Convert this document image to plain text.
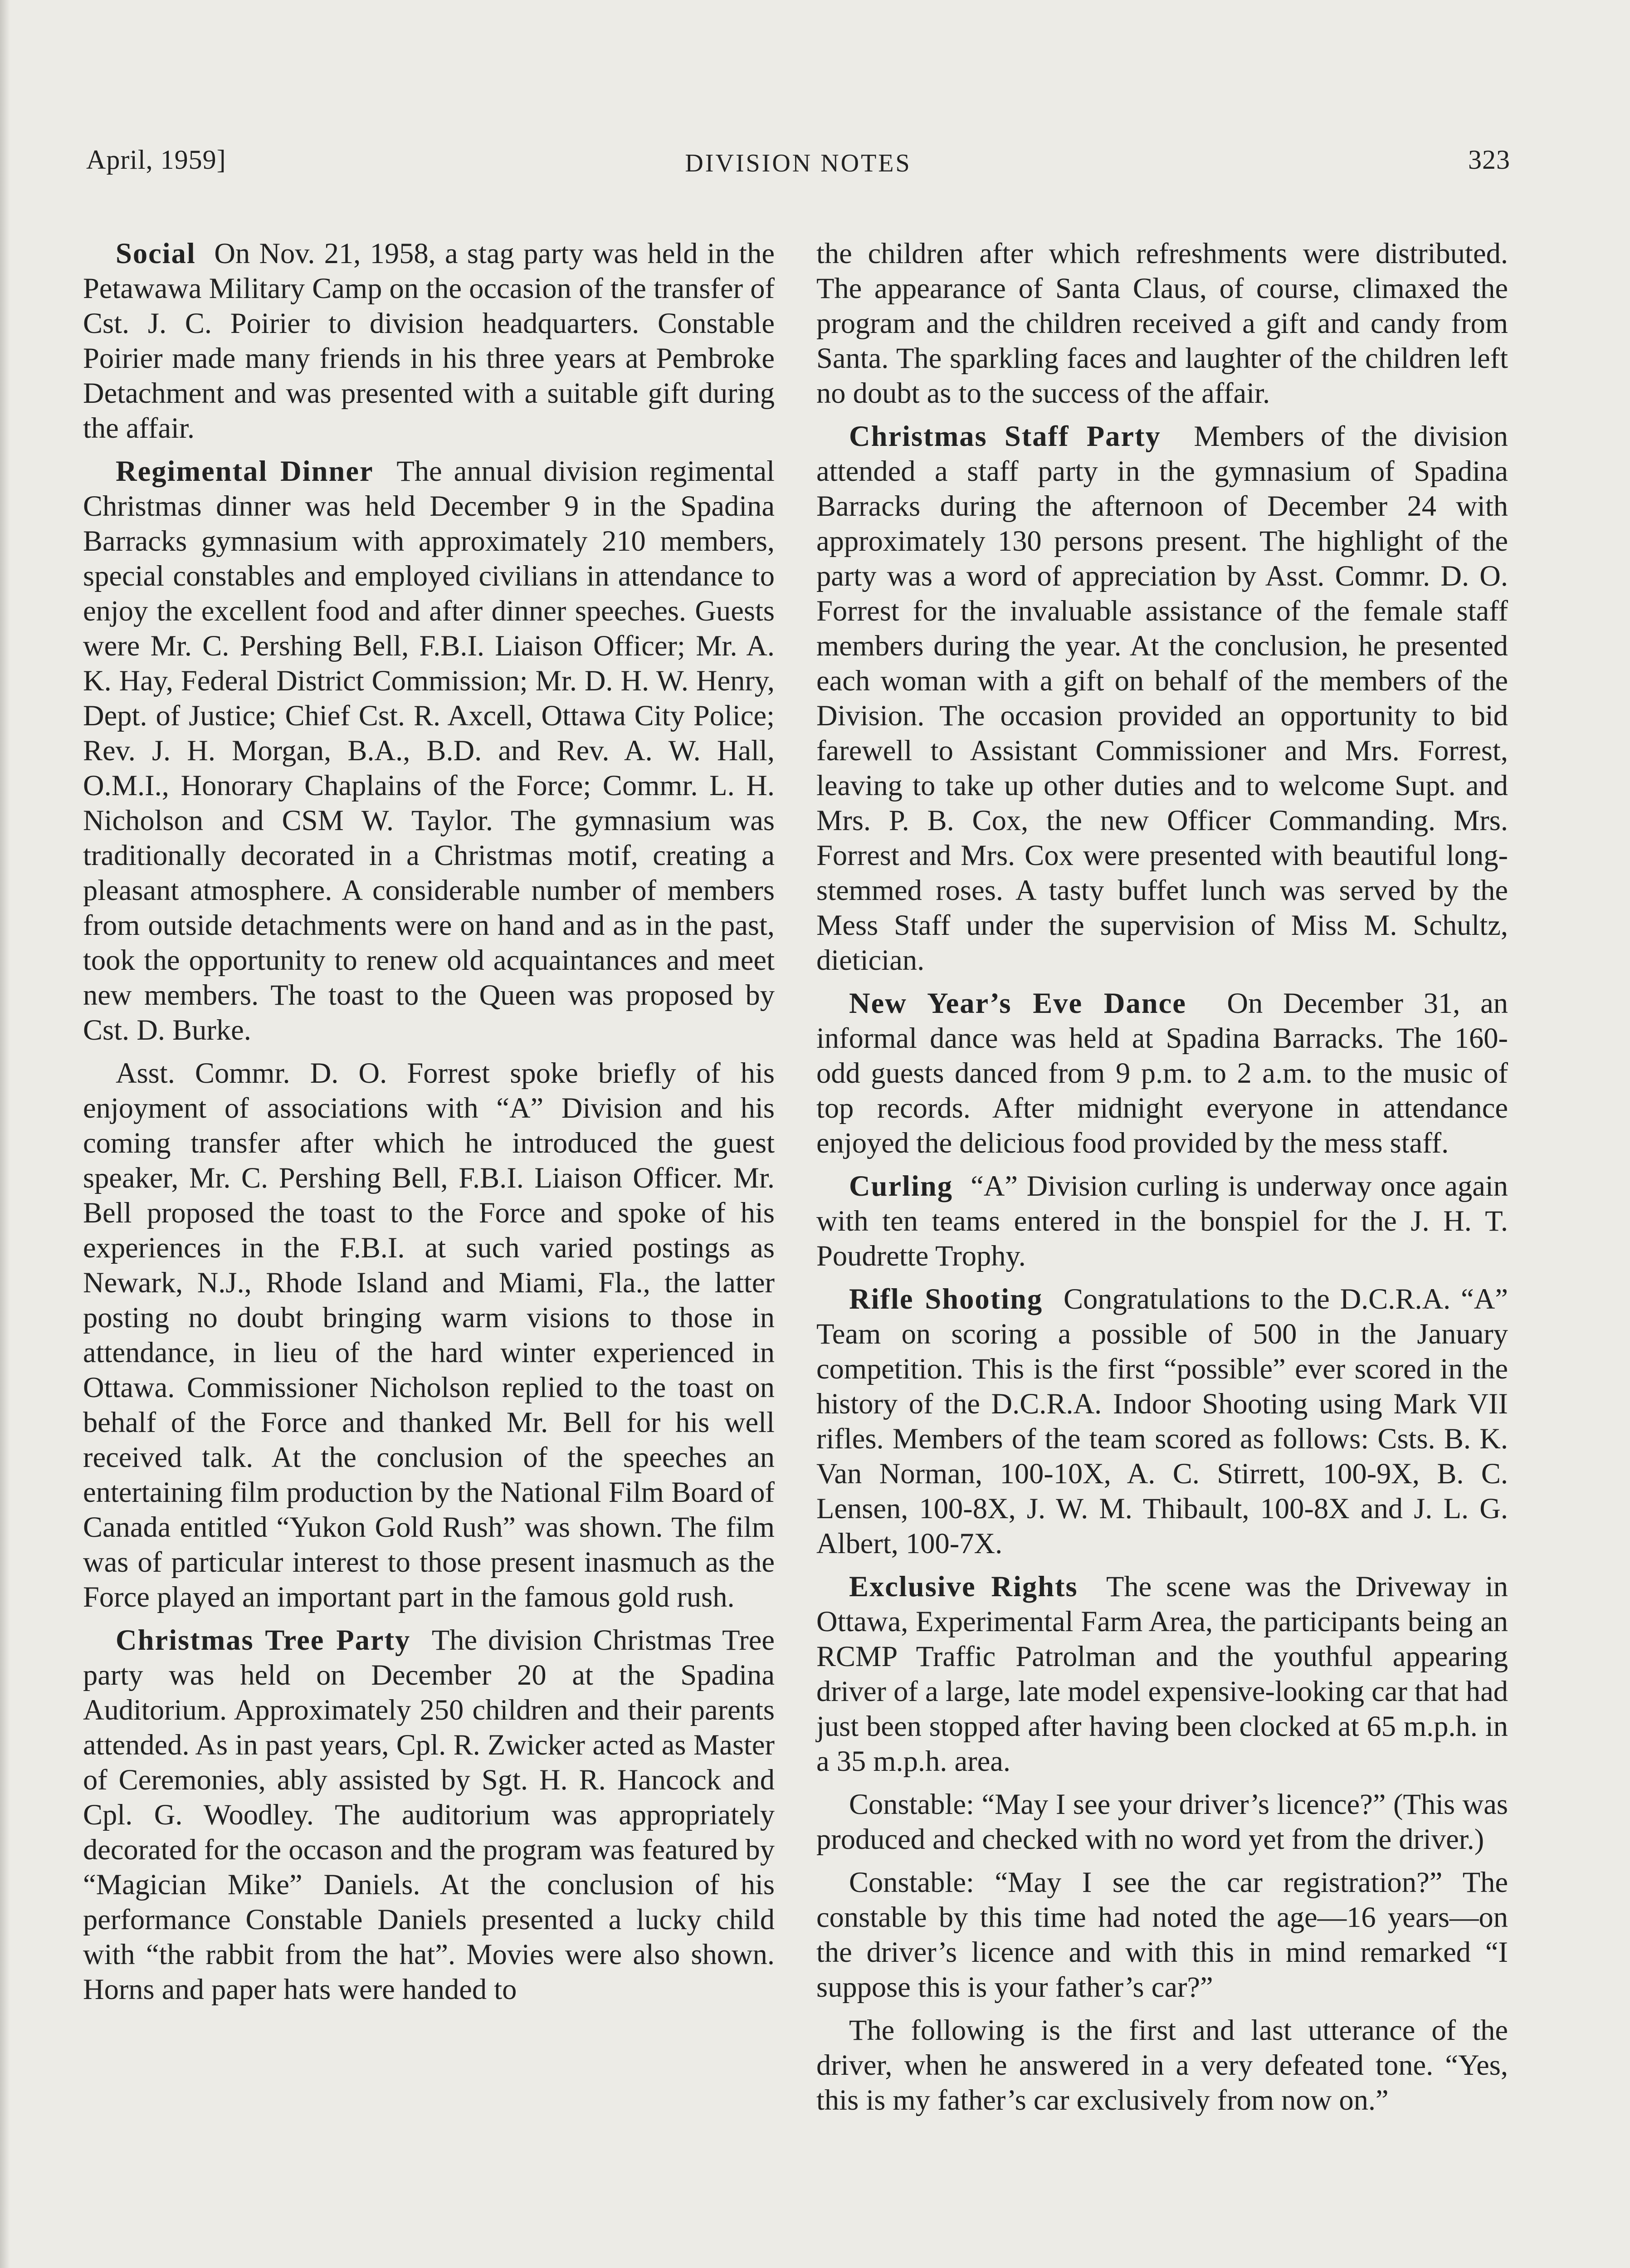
April, 1959]	DIVISION NOTES	323

Social On Nov. 21, 1958, a stag party was held in the Petawawa Military Camp on the occasion of the transfer of Cst. J. C. Poirier to division headquarters. Constable Poirier made many friends in his three years at Pembroke Detachment and was presented with a suitable gift during the affair.

Regimental Dinner The annual division regimental Christmas dinner was held December 9 in the Spadina Barracks gymnasium with approximately 210 members, special constables and employed civilians in attendance to enjoy the excellent food and after dinner speeches. Guests were Mr. C. Pershing Bell, F.B.I. Liaison Officer; Mr. A. K. Hay, Federal District Commission; Mr. D. H. W. Henry, Dept. of Justice; Chief Cst. R. Axcell, Ottawa City Police; Rev. J. H. Morgan, B.A., B.D. and Rev. A. W. Hall, O.M.I., Honorary Chaplains of the Force; Commr. L. H. Nicholson and CSM W. Taylor. The gymnasium was traditionally decorated in a Christmas motif, creating a pleasant atmosphere. A considerable number of members from outside detachments were on hand and as in the past, took the opportunity to renew old acquaintances and meet new members. The toast to the Queen was proposed by Cst. D. Burke.

Asst. Commr. D. O. Forrest spoke briefly of his enjoyment of associations with “A” Division and his coming transfer after which he introduced the guest speaker, Mr. C. Pershing Bell, F.B.I. Liaison Officer. Mr. Bell proposed the toast to the Force and spoke of his experiences in the F.B.I. at such varied postings as Newark, N.J., Rhode Island and Miami, Fla., the latter posting no doubt bringing warm visions to those in attendance, in lieu of the hard winter experienced in Ottawa. Commissioner Nicholson replied to the toast on behalf of the Force and thanked Mr. Bell for his well received talk. At the conclusion of the speeches an entertaining film production by the National Film Board of Canada entitled “Yukon Gold Rush” was shown. The film was of particular interest to those present inasmuch as the Force played an important part in the famous gold rush.

Christmas Tree Party The division Christmas Tree party was held on December 20 at the Spadina Auditorium. Approximately 250 children and their parents attended. As in past years, Cpl. R. Zwicker acted as Master of Ceremonies, ably assisted by Sgt. H. R. Hancock and Cpl. G. Woodley. The auditorium was appropriately decorated for the occason and the program was featured by “Magician Mike” Daniels. At the conclusion of his performance Constable Daniels presented a lucky child with “the rabbit from the hat”. Movies were also shown. Horns and paper hats were handed to

the children after which refreshments were distributed. The appearance of Santa Claus, of course, climaxed the program and the children received a gift and candy from Santa. The sparkling faces and laughter of the children left no doubt as to the success of the affair.

Christmas Staff Party Members of the division attended a staff party in the gymnasium of Spadina Barracks during the afternoon of December 24 with approximately 130 persons present. The highlight of the party was a word of appreciation by Asst. Commr. D. O. Forrest for the invaluable assistance of the female staff members during the year. At the conclusion, he presented each woman with a gift on behalf of the members of the Division. The occasion provided an opportunity to bid farewell to Assistant Commissioner and Mrs. Forrest, leaving to take up other duties and to welcome Supt. and Mrs. P. B. Cox, the new Officer Commanding. Mrs. Forrest and Mrs. Cox were presented with beautiful long-stemmed roses. A tasty buffet lunch was served by the Mess Staff under the supervision of Miss M. Schultz, dietician.

New Year’s Eve Dance On December 31, an informal dance was held at Spadina Barracks. The 160-odd guests danced from 9 p.m. to 2 a.m. to the music of top records. After midnight everyone in attendance enjoyed the delicious food provided by the mess staff.

Curling “A” Division curling is underway once again with ten teams entered in the bonspiel for the J. H. T. Poudrette Trophy.

Rifle Shooting Congratulations to the D.C.R.A. “A” Team on scoring a possible of 500 in the January competition. This is the first “possible” ever scored in the history of the D.C.R.A. Indoor Shooting using Mark VII rifles. Members of the team scored as follows: Csts. B. K. Van Norman, 100-10X, A. C. Stirrett, 100-9X, B. C. Lensen, 100-8X, J. W. M. Thibault, 100-8X and J. L. G. Albert, 100-7X.

Exclusive Rights The scene was the Driveway in Ottawa, Experimental Farm Area, the participants being an RCMP Traffic Patrolman and the youthful appearing driver of a large, late model expensive-looking car that had just been stopped after having been clocked at 65 m.p.h. in a 35 m.p.h. area.

Constable: “May I see your driver’s licence?” (This was produced and checked with no word yet from the driver.)

Constable: “May I see the car registration?” The constable by this time had noted the age—16 years—on the driver’s licence and with this in mind remarked “I suppose this is your father’s car?”

The following is the first and last utterance of the driver, when he answered in a very defeated tone. “Yes, this is my father’s car exclusively from now on.”
